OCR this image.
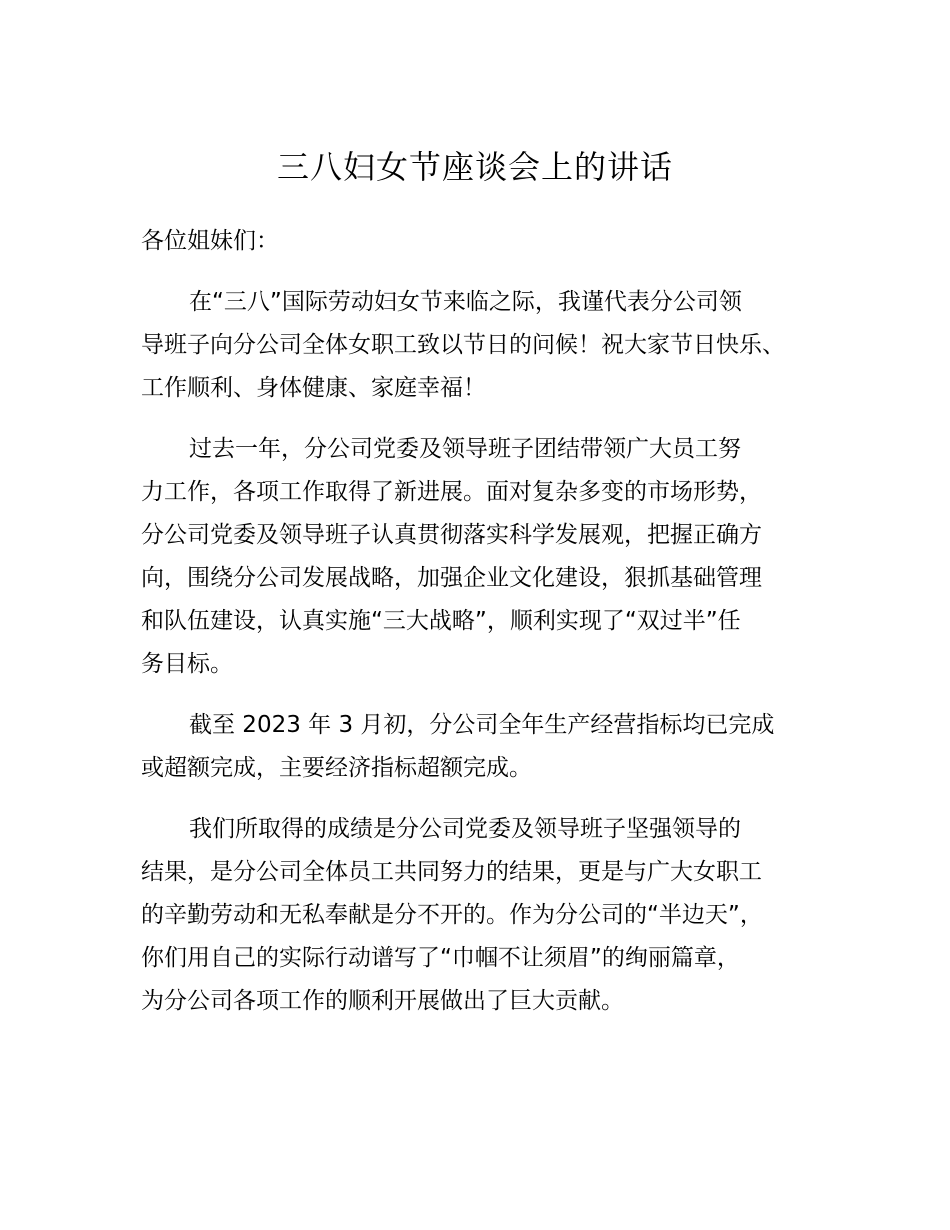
三八妇女节座谈会上的讲话

各位姐妹们：

在“三八”国际劳动妇女节来临之际，我谨代表分公司领
导班子向分公司全体女职工致以节日的问候！祝大家节日快乐、
工作顺利、身体健康、家庭幸福！
过去一年，分公司党委及领导班子团结带领广大员工努
力工作，各项工作取得了新进展。面对复杂多变的市场形势，
分公司党委及领导班子认真贯彻落实科学发展观，把握正确方
向，围绕分公司发展战略，加强企业文化建设，狠抓基础管理
和队伍建设，认真实施“三大战略”，顺利实现了“双过半”任
务目标。
截至 2023 年 3 月初，分公司全年生产经营指标均已完成
或超额完成，主要经济指标超额完成。
我们所取得的成绩是分公司党委及领导班子坚强领导的
结果，是分公司全体员工共同努力的结果，更是与广大女职工
的辛勤劳动和无私奉献是分不开的。作为分公司的“半边天”，
你们用自己的实际行动谱写了“巾帼不让须眉”的绚丽篇章，
为分公司各项工作的顺利开展做出了巨大贡献。
